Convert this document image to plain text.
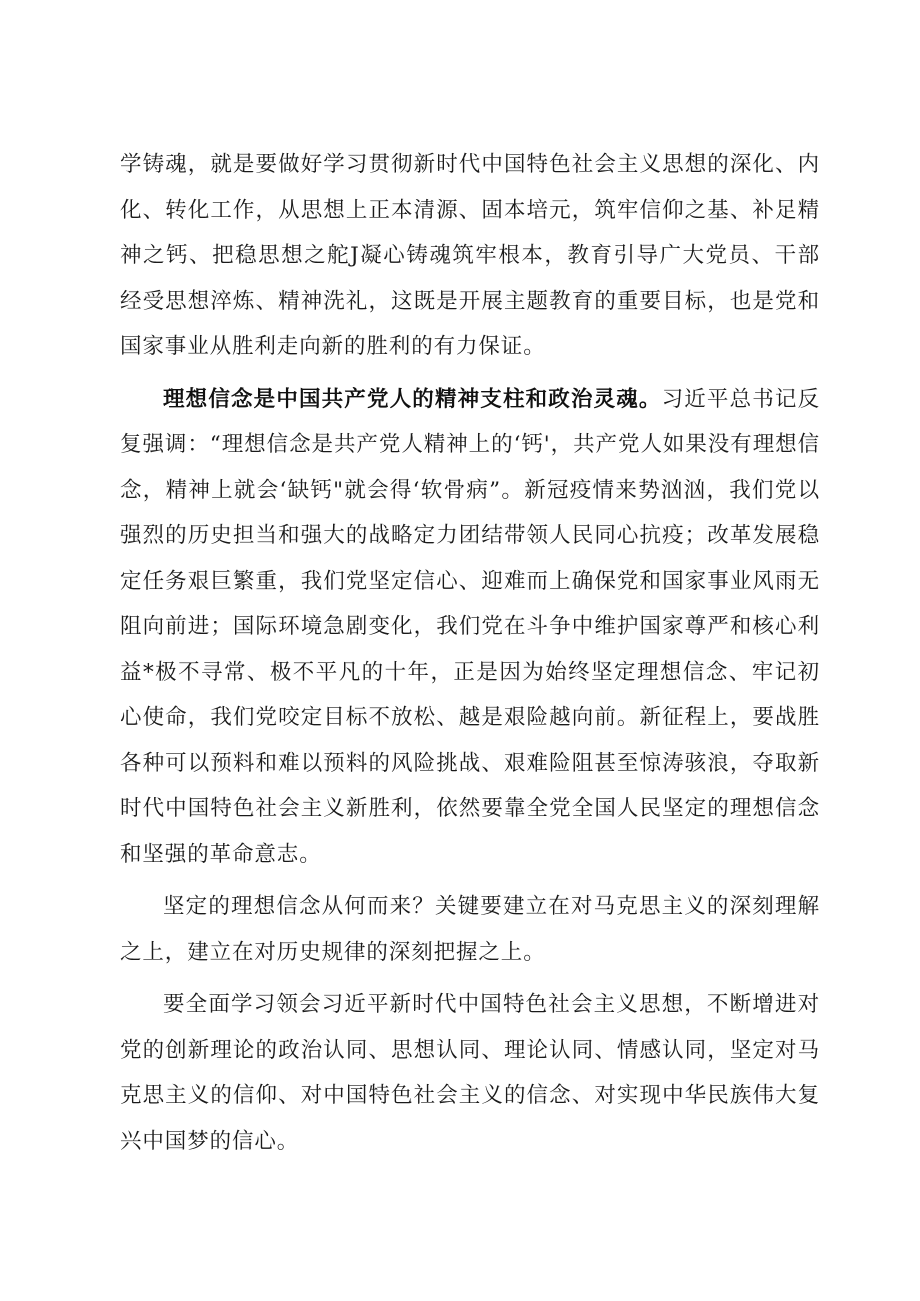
学铸魂，就是要做好学习贯彻新时代中国特色社会主义思想的深化、内化、转化工作，从思想上正本清源、固本培元，筑牢信仰之基、补足精神之钙、把稳思想之舵J凝心铸魂筑牢根本，教育引导广大党员、干部经受思想淬炼、精神洗礼，这既是开展主题教育的重要目标，也是党和国家事业从胜利走向新的胜利的有力保证。

理想信念是中国共产党人的精神支柱和政治灵魂。习近平总书记反复强调：“理想信念是共产党人精神上的‘钙'，共产党人如果没有理想信念，精神上就会‘缺钙"就会得‘软骨病”。新冠疫情来势汹汹，我们党以强烈的历史担当和强大的战略定力团结带领人民同心抗疫；改革发展稳定任务艰巨繁重，我们党坚定信心、迎难而上确保党和国家事业风雨无阻向前进；国际环境急剧变化，我们党在斗争中维护国家尊严和核心利益*极不寻常、极不平凡的十年，正是因为始终坚定理想信念、牢记初心使命，我们党咬定目标不放松、越是艰险越向前。新征程上，要战胜各种可以预料和难以预料的风险挑战、艰难险阻甚至惊涛骇浪，夺取新时代中国特色社会主义新胜利，依然要靠全党全国人民坚定的理想信念和坚强的革命意志。

坚定的理想信念从何而来？关键要建立在对马克思主义的深刻理解之上，建立在对历史规律的深刻把握之上。

要全面学习领会习近平新时代中国特色社会主义思想，不断增进对党的创新理论的政治认同、思想认同、理论认同、情感认同，坚定对马克思主义的信仰、对中国特色社会主义的信念、对实现中华民族伟大复兴中国梦的信心。
